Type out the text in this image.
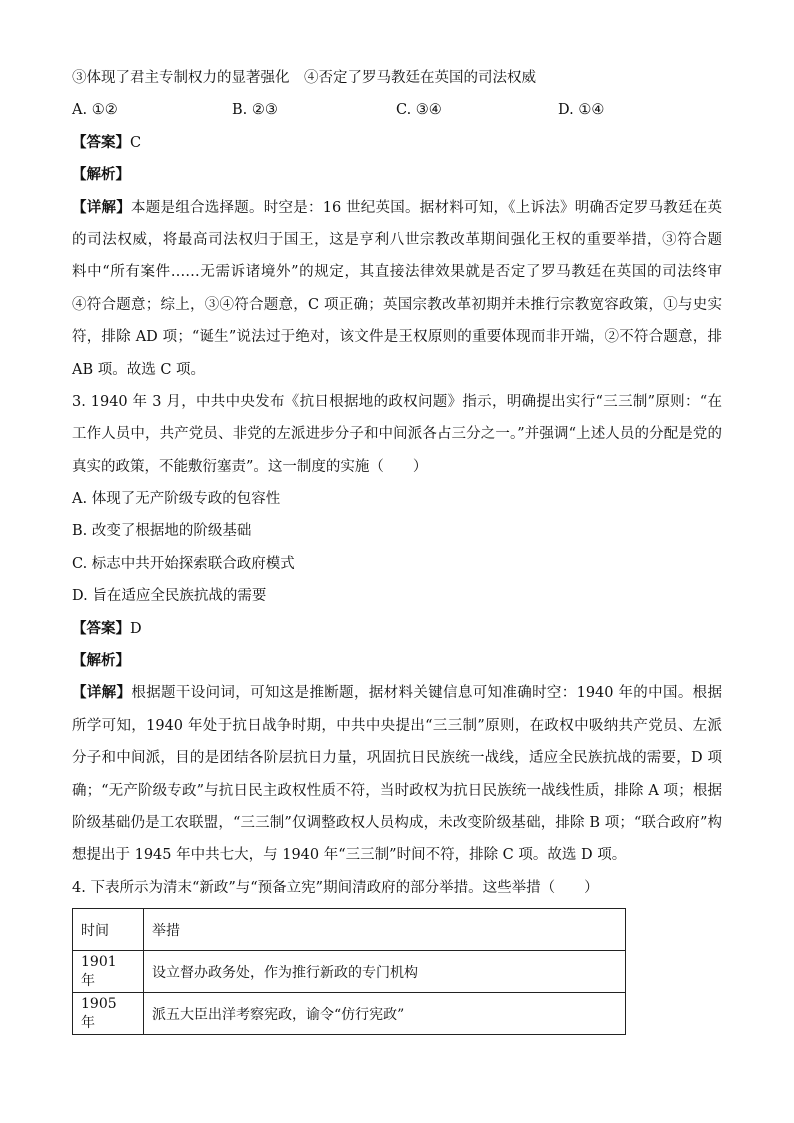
③体现了君主专制权力的显著强化　④否定了罗马教廷在英国的司法权威
A. ①②	B. ②③	C. ③④	D. ①④
【答案】C
【解析】
【详解】本题是组合选择题。时空是：16 世纪英国。据材料可知，《上诉法》明确否定罗马教廷在英
的司法权威，将最高司法权归于国王，这是亨利八世宗教改革期间强化王权的重要举措，③符合题
料中“所有案件……无需诉诸境外”的规定，其直接法律效果就是否定了罗马教廷在英国的司法终审
④符合题意；综上，③④符合题意，C 项正确；英国宗教改革初期并未推行宗教宽容政策，①与史实
符，排除 AD 项；“诞生”说法过于绝对，该文件是王权原则的重要体现而非开端，②不符合题意，排
AB 项。故选 C 项。
3. 1940 年 3 月，中共中央发布《抗日根据地的政权问题》指示，明确提出实行“三三制”原则：“在
工作人员中，共产党员、非党的左派进步分子和中间派各占三分之一。”并强调“上述人员的分配是党的
真实的政策，不能敷衍塞责”。这一制度的实施（　　）
A. 体现了无产阶级专政的包容性
B. 改变了根据地的阶级基础
C. 标志中共开始探索联合政府模式
D. 旨在适应全民族抗战的需要
【答案】D
【解析】
【详解】根据题干设问词，可知这是推断题，据材料关键信息可知准确时空：1940 年的中国。根据
所学可知，1940 年处于抗日战争时期，中共中央提出“三三制”原则，在政权中吸纳共产党员、左派
分子和中间派，目的是团结各阶层抗日力量，巩固抗日民族统一战线，适应全民族抗战的需要，D 项
确；“无产阶级专政”与抗日民主政权性质不符，当时政权为抗日民族统一战线性质，排除 A 项；根据
阶级基础仍是工农联盟，“三三制”仅调整政权人员构成，未改变阶级基础，排除 B 项；“联合政府”构
想提出于 1945 年中共七大，与 1940 年“三三制”时间不符，排除 C 项。故选 D 项。
4. 下表所示为清末“新政”与“预备立宪”期间清政府的部分举措。这些举措（　　）
时间	举措
1901 年	设立督办政务处，作为推行新政的专门机构
1905 年	派五大臣出洋考察宪政，谕令“仿行宪政”
